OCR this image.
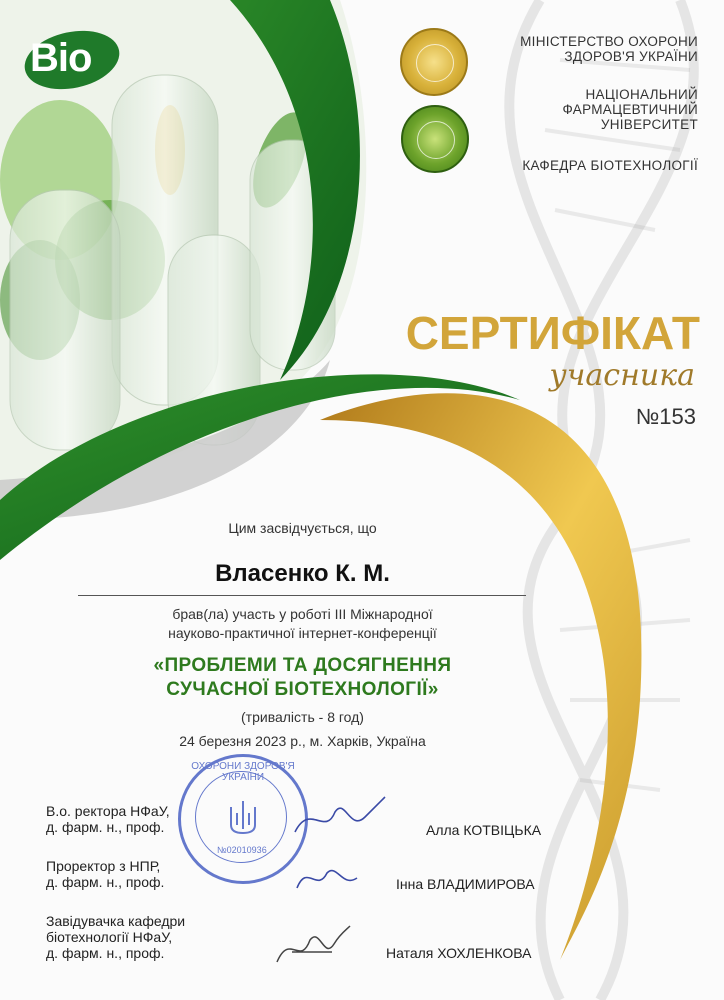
Bio	МІНІСТЕРСТВО ОХОРОНИ
ЗДОРОВ'Я УКРАЇНИ
НАЦІОНАЛЬНИЙ
ФАРМАЦЕВТИЧНИЙ
УНІВЕРСИТЕТ
КАФЕДРА БІОТЕХНОЛОГІЇ
СЕРТИФІКАТ
учасника
№153
Цим засвідчується, що
Власенко К. М.
брав(ла) участь у роботі ІІІ Міжнародної
науково-практичної інтернет-конференції
«ПРОБЛЕМИ ТА ДОСЯГНЕННЯ
СУЧАСНОЇ БІОТЕХНОЛОГІЇ»
(тривалість - 8 год)
24 березня 2023 р., м. Харків, Україна
ОХОРОНИ ЗДОРОВ'Я УКРАЇНИ
№02010936
В.о. ректора НФаУ,
д. фарм. н., проф.	Алла КОТВІЦЬКА
Проректор з НПР,
д. фарм. н., проф.	Інна ВЛАДИМИРОВА
Завідувачка кафедри
біотехнології НФаУ,
д. фарм. н., проф.	Наталя ХОХЛЕНКОВА
